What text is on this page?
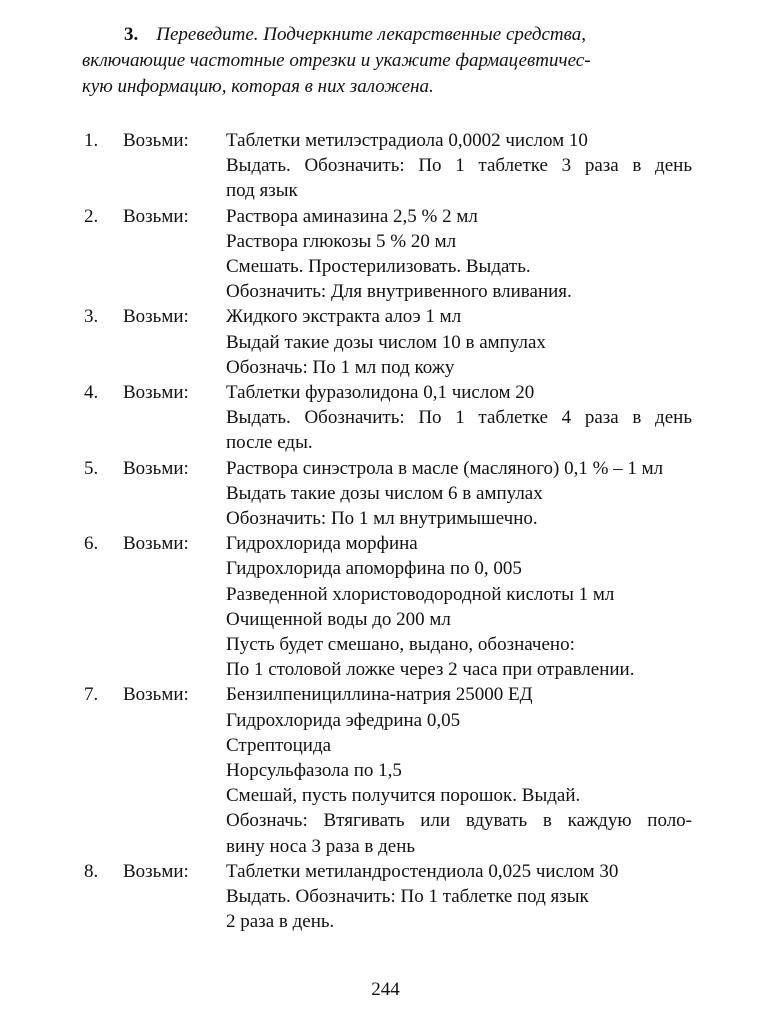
3. Переведите. Подчеркните лекарственные средства,
включающие частотные отрезки и укажите фармацевтичес-
кую информацию, которая в них заложена.
1. Возьми: Таблетки метилэстрадиола 0,0002 числом 10
Выдать. Обозначить: По 1 таблетке 3 раза в день
под язык
2. Возьми: Раствора аминазина 2,5 % 2 мл
Раствора глюкозы 5 % 20 мл
Смешать. Простерилизовать. Выдать.
Обозначить: Для внутривенного вливания.
3. Возьми: Жидкого экстракта алоэ 1 мл
Выдай такие дозы числом 10 в ампулах
Обозначь: По 1 мл под кожу
4. Возьми: Таблетки фуразолидона 0,1 числом 20
Выдать. Обозначить: По 1 таблетке 4 раза в день
после еды.
5. Возьми: Раствора синэстрола в масле (масляного) 0,1 % – 1 мл
Выдать такие дозы числом 6 в ампулах
Обозначить: По 1 мл внутримышечно.
6. Возьми: Гидрохлорида морфина
Гидрохлорида апоморфина по 0, 005
Разведенной хлористоводородной кислоты 1 мл
Очищенной воды до 200 мл
Пусть будет смешано, выдано, обозначено:
По 1 столовой ложке через 2 часа при отравлении.
7. Возьми: Бензилпенициллина-натрия 25000 ЕД
Гидрохлорида эфедрина 0,05
Стрептоцида
Норсульфазола по 1,5
Смешай, пусть получится порошок. Выдай.
Обозначь: Втягивать или вдувать в каждую поло-
вину носа 3 раза в день
8. Возьми: Таблетки метиландростендиола 0,025 числом 30
Выдать. Обозначить: По 1 таблетке под язык
2 раза в день.
244
